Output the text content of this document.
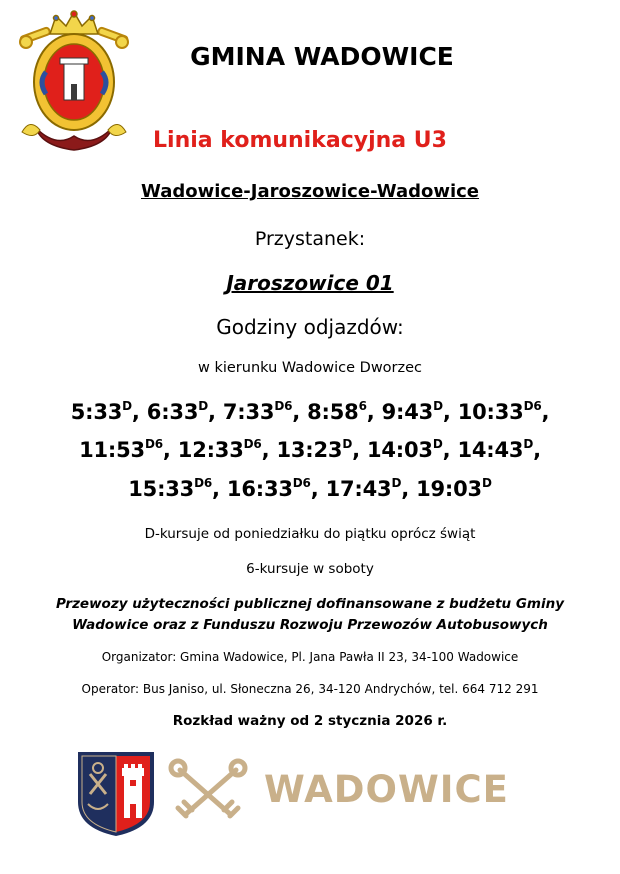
GMINA WADOWICE
Linia komunikacyjna U3
Wadowice-Jaroszowice-Wadowice
Przystanek:
Jaroszowice 01
Godziny odjazdów:
w kierunku Wadowice Dworzec
$5:33^D$, $6:33^D$, $7:33^{D6}$, $8:58^6$, $9:43^D$, $10:33^{D6}$,
$11:53^{D6}$, $12:33^{D6}$, $13:23^D$, $14:03^D$, $14:43^D$,
$15:33^{D6}$, $16:33^{D6}$, $17:43^D$, $19:03^D$
D-kursuje od poniedziałku do piątku oprócz świąt
6-kursuje w soboty
Przewozy użyteczności publicznej dofinansowane z budżetu Gminy
Wadowice oraz z Funduszu Rozwoju Przewozów Autobusowych
Organizator: Gmina Wadowice, Pl. Jana Pawła II 23, 34-100 Wadowice
Operator: Bus Janiso, ul. Słoneczna 26, 34-120 Andrychów, tel. 664 712 291
Rozkład ważny od 2 stycznia 2026 r.
WADOWICE
